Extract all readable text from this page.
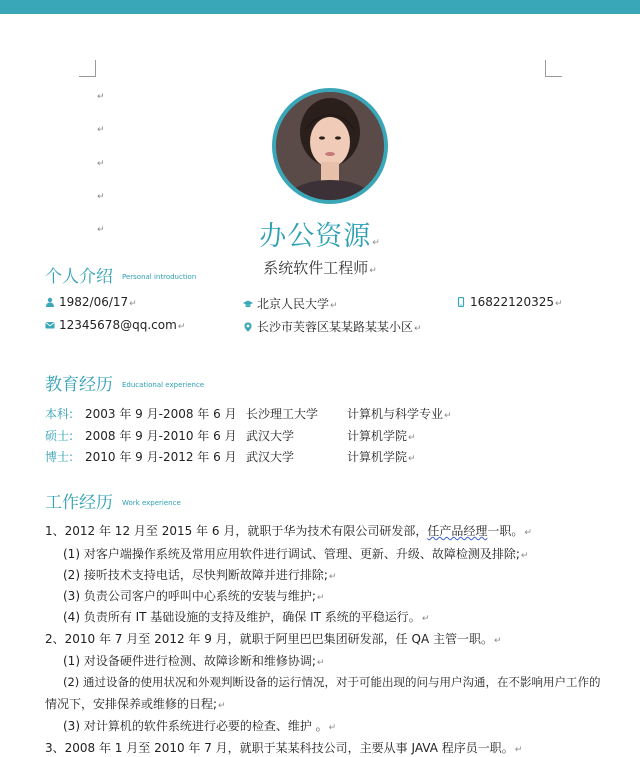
↵
↵
↵
↵
↵	办公资源↵
系统软件工程师↵
个人介绍 Personal introduction
1982/06/17↵	北京人民大学↵	16822120325↵
12345678@qq.com↵	长沙市芙蓉区某某路某某小区↵
教育经历 Educational experience
本科: 2003 年 9 月-2008 年 6 月 长沙理工大学 计算机与科学专业↵
硕士: 2008 年 9 月-2010 年 6 月 武汉大学	计算机学院↵
博士: 2010 年 9 月-2012 年 6 月 武汉大学	计算机学院↵
工作经历 Work experience
1、2012 年 12 月至 2015 年 6 月，就职于华为技术有限公司研发部，任产品经理一职。↵
(1) 对客户端操作系统及常用应用软件进行调试、管理、更新、升级、故障检测及排除;↵
(2) 接听技术支持电话，尽快判断故障并进行排除;↵
(3) 负责公司客户的呼叫中心系统的安装与维护;↵
(4) 负责所有 IT 基础设施的支持及维护，确保 IT 系统的平稳运行。↵
2、2010 年 7 月至 2012 年 9 月，就职于阿里巴巴集团研发部，任 QA 主管一职。↵
(1) 对设备硬件进行检测、故障诊断和维修协调;↵
(2) 通过设备的使用状况和外观判断设备的运行情况，对于可能出现的问与用户沟通，在不影响用户工作的
情况下，安排保养或维修的日程;↵
(3) 对计算机的软件系统进行必要的检查、维护 。↵
3、2008 年 1 月至 2010 年 7 月，就职于某某科技公司，主要从事 JAVA 程序员一职。↵
